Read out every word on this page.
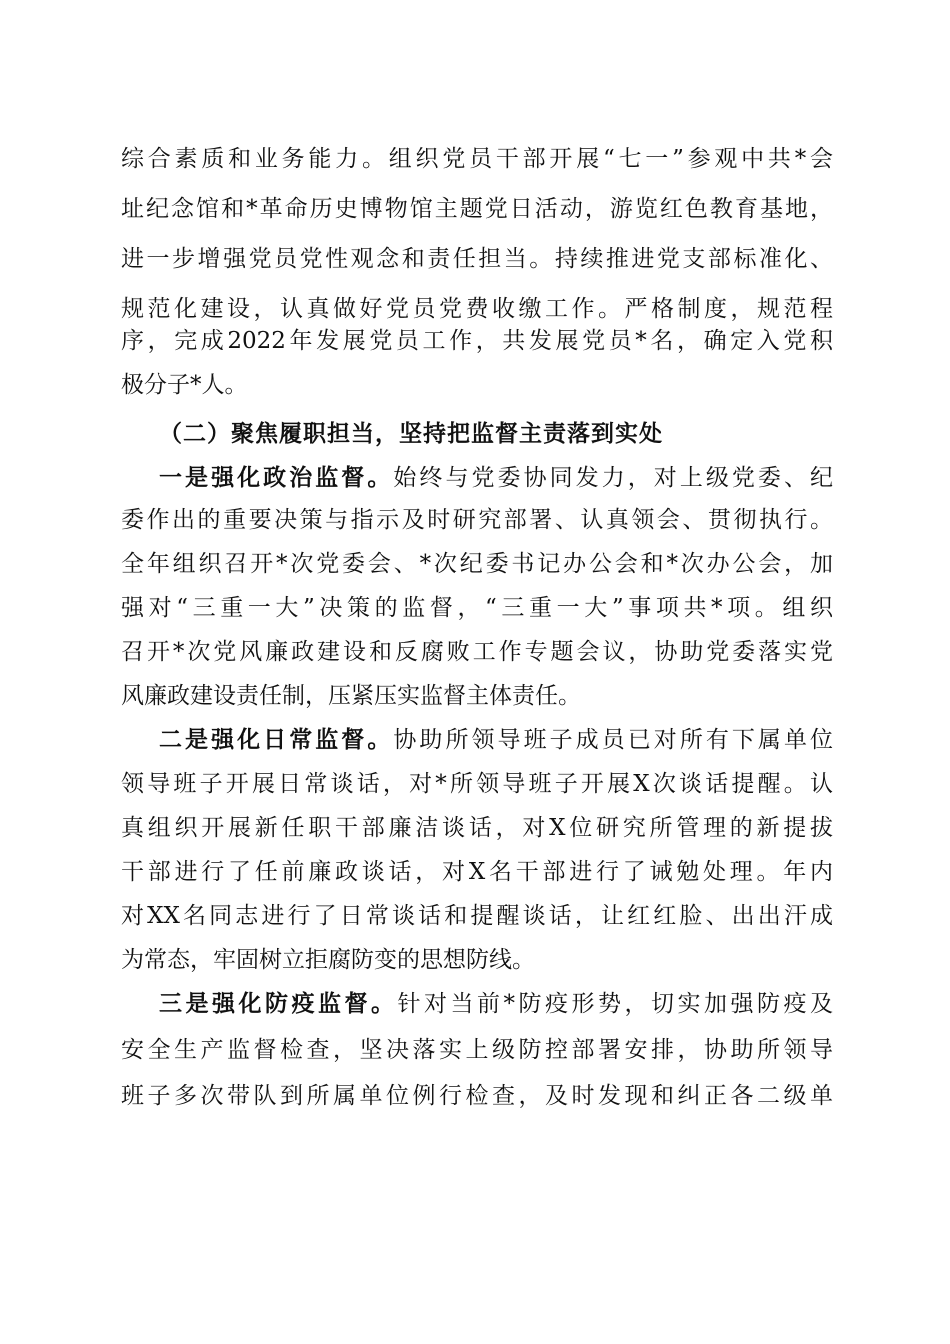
综合素质和业务能力。组织党员干部开展“七一”参观中共*会
址纪念馆和*革命历史博物馆主题党日活动，游览红色教育基地，
进一步增强党员党性观念和责任担当。持续推进党支部标准化、
规范化建设，认真做好党员党费收缴工作。严格制度，规范程
序，完成2022年发展党员工作，共发展党员*名，确定入党积
极分子*人。
（二）聚焦履职担当，坚持把监督主责落到实处
一是强化政治监督。始终与党委协同发力，对上级党委、纪
委作出的重要决策与指示及时研究部署、认真领会、贯彻执行。
全年组织召开*次党委会、*次纪委书记办公会和*次办公会，加
强对“三重一大”决策的监督，“三重一大”事项共*项。组织
召开*次党风廉政建设和反腐败工作专题会议，协助党委落实党
风廉政建设责任制，压紧压实监督主体责任。
二是强化日常监督。协助所领导班子成员已对所有下属单位
领导班子开展日常谈话，对*所领导班子开展X次谈话提醒。认
真组织开展新任职干部廉洁谈话，对X位研究所管理的新提拔
干部进行了任前廉政谈话，对X名干部进行了诫勉处理。年内
对XX名同志进行了日常谈话和提醒谈话，让红红脸、出出汗成
为常态，牢固树立拒腐防变的思想防线。
三是强化防疫监督。针对当前*防疫形势，切实加强防疫及
安全生产监督检查，坚决落实上级防控部署安排，协助所领导
班子多次带队到所属单位例行检查，及时发现和纠正各二级单
